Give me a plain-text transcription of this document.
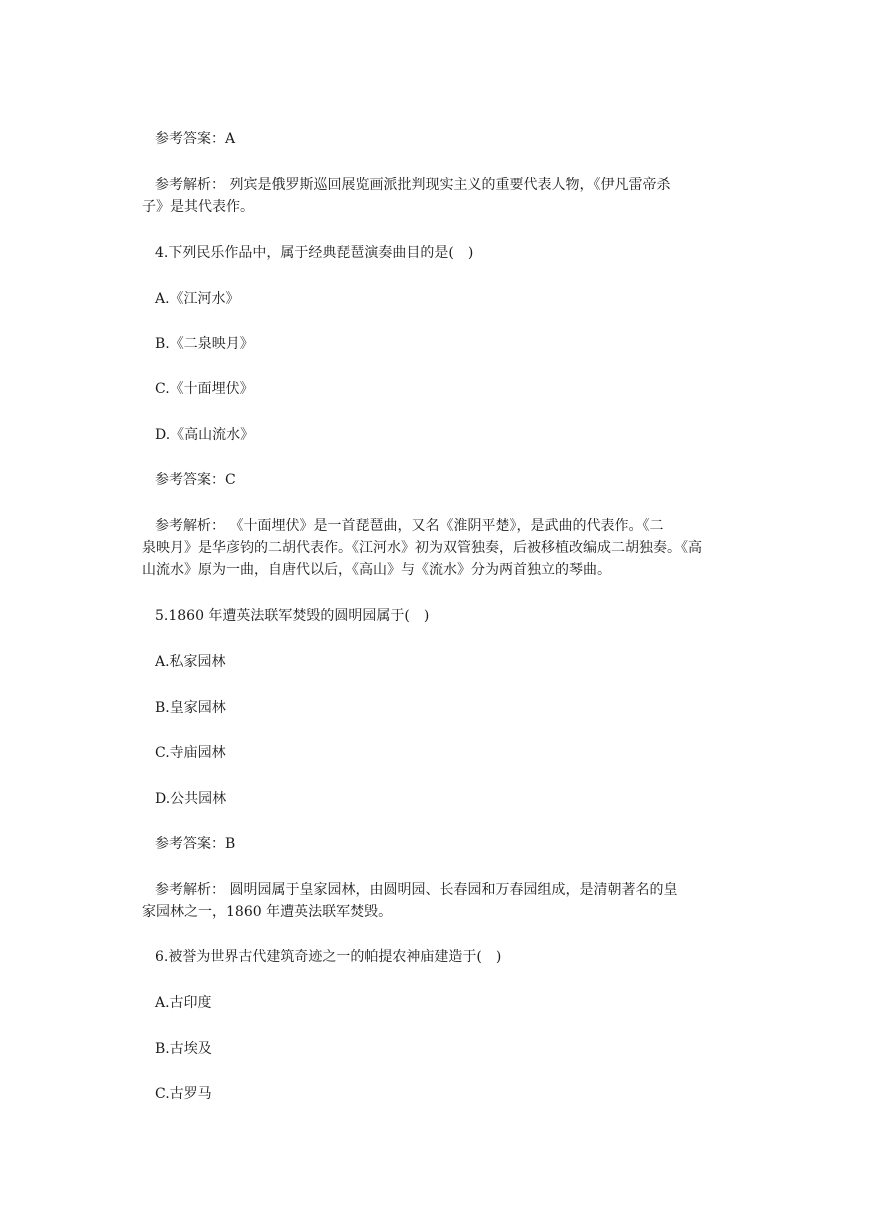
参考答案：A
参考解析： 列宾是俄罗斯巡回展览画派批判现实主义的重要代表人物，《伊凡雷帝杀
子》是其代表作。
4.下列民乐作品中，属于经典琵琶演奏曲目的是(　)
A.《江河水》
B.《二泉映月》
C.《十面埋伏》
D.《高山流水》
参考答案：C
参考解析： 《十面埋伏》是一首琵琶曲，又名《淮阴平楚》，是武曲的代表作。《二
泉映月》是华彦钧的二胡代表作。《江河水》初为双管独奏，后被移植改编成二胡独奏。《高
山流水》原为一曲，自唐代以后，《高山》与《流水》分为两首独立的琴曲。
5.1860 年遭英法联军焚毁的圆明园属于(　)
A.私家园林
B.皇家园林
C.寺庙园林
D.公共园林
参考答案：B
参考解析： 圆明园属于皇家园林，由圆明园、长春园和万春园组成，是清朝著名的皇
家园林之一，1860 年遭英法联军焚毁。
6.被誉为世界古代建筑奇迹之一的帕提农神庙建造于(　)
A.古印度
B.古埃及
C.古罗马
